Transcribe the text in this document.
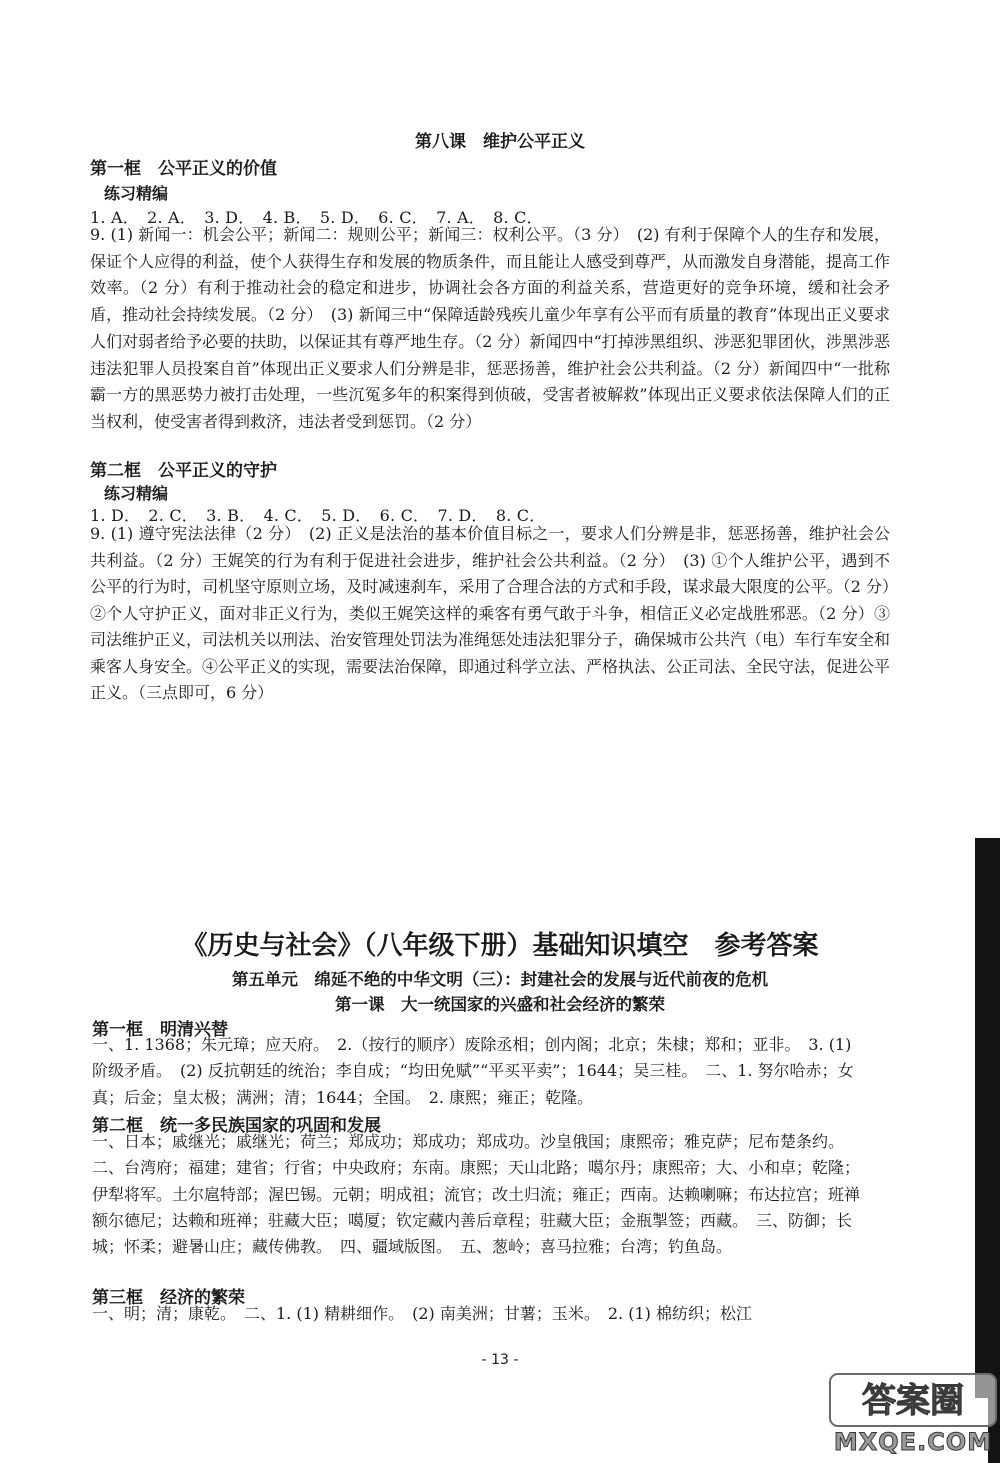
第八课　维护公平正义
第一框　公平正义的价值
练习精编
1. A．　2. A．　3. D．　4. B．　5. D．　6. C．　7. A．　8. C．
9. (1) 新闻一：机会公平；新闻二：规则公平；新闻三：权利公平。（3 分）　(2) 有利于保障个人的生存和发展，保证个人应得的利益，使个人获得生存和发展的物质条件，而且能让人感受到尊严，从而激发自身潜能，提高工作效率。（2 分）有利于推动社会的稳定和进步，协调社会各方面的利益关系，营造更好的竞争环境，缓和社会矛盾，推动社会持续发展。（2 分）　(3) 新闻三中“保障适龄残疾儿童少年享有公平而有质量的教育”体现出正义要求人们对弱者给予必要的扶助，以保证其有尊严地生存。（2 分）新闻四中“打掉涉黑组织、涉恶犯罪团伙，涉黑涉恶违法犯罪人员投案自首”体现出正义要求人们分辨是非，惩恶扬善，维护社会公共利益。（2 分）新闻四中“一批称霸一方的黑恶势力被打击处理，一些沉冤多年的积案得到侦破，受害者被解救”体现出正义要求依法保障人们的正当权利，使受害者得到救济，违法者受到惩罚。（2 分）
第二框　公平正义的守护
练习精编
1. D．　2. C．　3. B．　4. C．　5. D．　6. C．　7. D．　8. C．
9. (1) 遵守宪法法律（2 分）　(2) 正义是法治的基本价值目标之一，要求人们分辨是非，惩恶扬善，维护社会公共利益。（2 分）王娓笑的行为有利于促进社会进步，维护社会公共利益。（2 分）　(3) ①个人维护公平，遇到不公平的行为时，司机坚守原则立场，及时减速刹车，采用了合理合法的方式和手段，谋求最大限度的公平。（2 分）②个人守护正义，面对非正义行为，类似王娓笑这样的乘客有勇气敢于斗争，相信正义必定战胜邪恶。（2 分）③司法维护正义，司法机关以刑法、治安管理处罚法为准绳惩处违法犯罪分子，确保城市公共汽（电）车行车安全和乘客人身安全。④公平正义的实现，需要法治保障，即通过科学立法、严格执法、公正司法、全民守法，促进公平正义。（三点即可，6 分）
《历史与社会》（八年级下册）基础知识填空　参考答案
第五单元　绵延不绝的中华文明（三）：封建社会的发展与近代前夜的危机
第一课　大一统国家的兴盛和社会经济的繁荣
第一框　明清兴替
一、1. 1368；朱元璋；应天府。　2.（按行的顺序）废除丞相；创内阁；北京；朱棣；郑和；亚非。　3. (1) 阶级矛盾。　(2) 反抗朝廷的统治；李自成；“均田免赋”“平买平卖”；1644；吴三桂。　二、1. 努尔哈赤；女真；后金；皇太极；满洲；清；1644；全国。　2. 康熙；雍正；乾隆。
第二框　统一多民族国家的巩固和发展
一、日本；戚继光；戚继光；荷兰；郑成功；郑成功；郑成功。沙皇俄国；康熙帝；雅克萨；尼布楚条约。　二、台湾府；福建；建省；行省；中央政府；东南。康熙；天山北路；噶尔丹；康熙帝；大、小和卓；乾隆；伊犁将军。土尔扈特部；渥巴锡。元朝；明成祖；流官；改土归流；雍正；西南。达赖喇嘛；布达拉宫；班禅额尔德尼；达赖和班禅；驻藏大臣；噶厦；钦定藏内善后章程；驻藏大臣；金瓶掣签；西藏。　三、防御；长城；怀柔；避暑山庄；藏传佛教。　四、疆域版图。　五、葱岭；喜马拉雅；台湾；钓鱼岛。
第三框　经济的繁荣
一、明；清；康乾。　二、1. (1) 精耕细作。　(2) 南美洲；甘薯；玉米。　2. (1) 棉纺织；松江
- 13 -
答案圈
MXQE.COM
